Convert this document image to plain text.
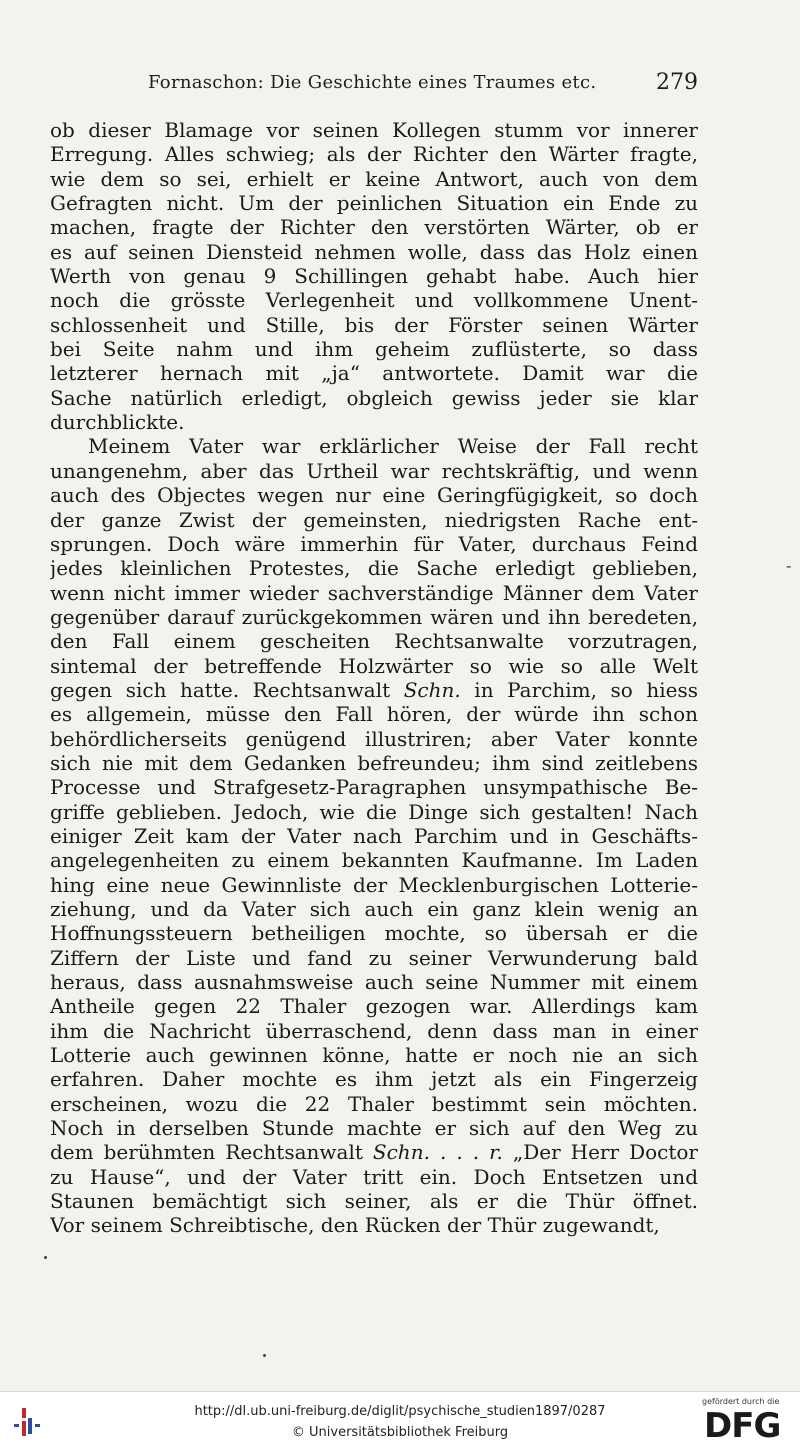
Fornaschon: Die Geschichte eines Traumes etc.	279
ob dieser Blamage vor seinen Kollegen stumm vor innerer
Erregung. Alles schwieg; als der Richter den Wärter fragte,
wie dem so sei, erhielt er keine Antwort, auch von dem
Gefragten nicht. Um der peinlichen Situation ein Ende zu
machen, fragte der Richter den verstörten Wärter, ob er
es auf seinen Diensteid nehmen wolle, dass das Holz einen
Werth von genau 9 Schillingen gehabt habe. Auch hier
noch die grösste Verlegenheit und vollkommene Unent-
schlossenheit und Stille, bis der Förster seinen Wärter
bei Seite nahm und ihm geheim zuflüsterte, so dass
letzterer hernach mit „ja“ antwortete. Damit war die
Sache natürlich erledigt, obgleich gewiss jeder sie klar
durchblickte.
Meinem Vater war erklärlicher Weise der Fall recht
unangenehm, aber das Urtheil war rechtskräftig, und wenn
auch des Objectes wegen nur eine Geringfügigkeit, so doch
der ganze Zwist der gemeinsten, niedrigsten Rache ent-
sprungen. Doch wäre immerhin für Vater, durchaus Feind
jedes kleinlichen Protestes, die Sache erledigt geblieben,
wenn nicht immer wieder sachverständige Männer dem Vater
gegenüber darauf zurückgekommen wären und ihn beredeten,
den Fall einem gescheiten Rechtsanwalte vorzutragen,
sintemal der betreffende Holzwärter so wie so alle Welt
gegen sich hatte. Rechtsanwalt Schn. in Parchim, so hiess
es allgemein, müsse den Fall hören, der würde ihn schon
behördlicherseits genügend illustriren; aber Vater konnte
sich nie mit dem Gedanken befreundeu; ihm sind zeitlebens
Processe und Strafgesetz-Paragraphen unsympathische Be-
griffe geblieben. Jedoch, wie die Dinge sich gestalten! Nach
einiger Zeit kam der Vater nach Parchim und in Geschäfts-
angelegenheiten zu einem bekannten Kaufmanne. Im Laden
hing eine neue Gewinnliste der Mecklenburgischen Lotterie-
ziehung, und da Vater sich auch ein ganz klein wenig an
Hoffnungssteuern betheiligen mochte, so übersah er die
Ziffern der Liste und fand zu seiner Verwunderung bald
heraus, dass ausnahmsweise auch seine Nummer mit einem
Antheile gegen 22 Thaler gezogen war. Allerdings kam
ihm die Nachricht überraschend, denn dass man in einer
Lotterie auch gewinnen könne, hatte er noch nie an sich
erfahren. Daher mochte es ihm jetzt als ein Fingerzeig
erscheinen, wozu die 22 Thaler bestimmt sein möchten.
Noch in derselben Stunde machte er sich auf den Weg zu
dem berühmten Rechtsanwalt Schn. . . . r. „Der Herr Doctor
zu Hause“, und der Vater tritt ein. Doch Entsetzen und
Staunen bemächtigt sich seiner, als er die Thür öffnet.
Vor seinem Schreibtische, den Rücken der Thür zugewandt,
-
http://dl.ub.uni-freiburg.de/diglit/psychische_studien1897/0287
© Universitätsbibliothek Freiburg
gefördert durch die
DFG
